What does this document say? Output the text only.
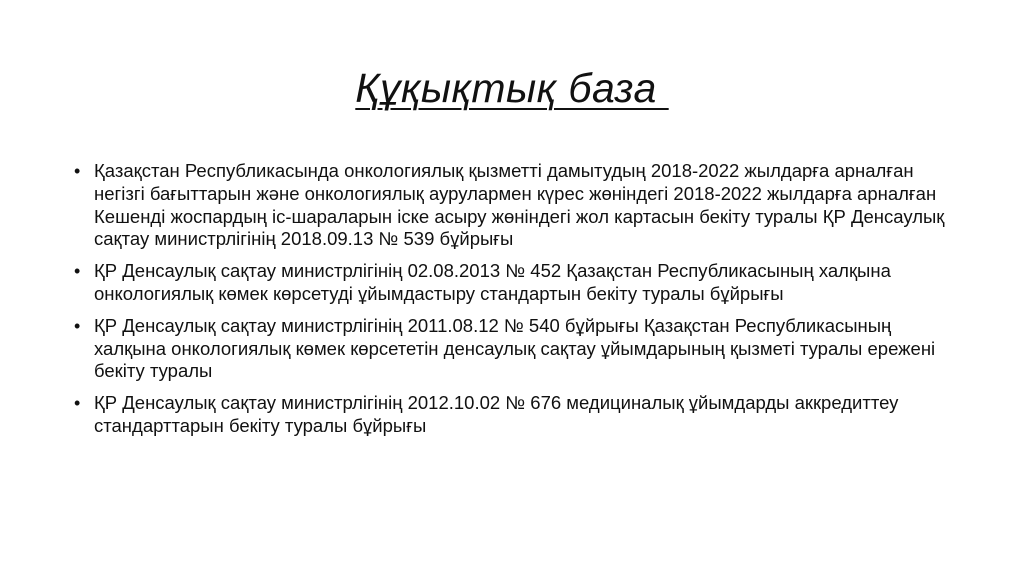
Құқықтық база
• Қазақстан Республикасында онкологиялық қызметті дамытудың 2018-2022 жылдарға арналған негізгі бағыттарын және онкологиялық аурулармен күрес жөніндегі 2018-2022 жылдарға арналған Кешенді жоспардың іс-шараларын іске асыру жөніндегі жол картасын бекіту туралы ҚР Денсаулық сақтау министрлігінің 2018.09.13 № 539 бұйрығы
• ҚР Денсаулық сақтау министрлігінің 02.08.2013 № 452 Қазақстан Республикасының халқына онкологиялық көмек көрсетуді ұйымдастыру стандартын бекіту туралы бұйрығы
• ҚР Денсаулық сақтау министрлігінің 2011.08.12 № 540 бұйрығы Қазақстан Республикасының халқына онкологиялық көмек көрсететін денсаулық сақтау ұйымдарының қызметі туралы ережені бекіту туралы
• ҚР Денсаулық сақтау министрлігінің 2012.10.02 № 676 медициналық ұйымдарды аккредиттеу стандарттарын бекіту туралы бұйрығы
